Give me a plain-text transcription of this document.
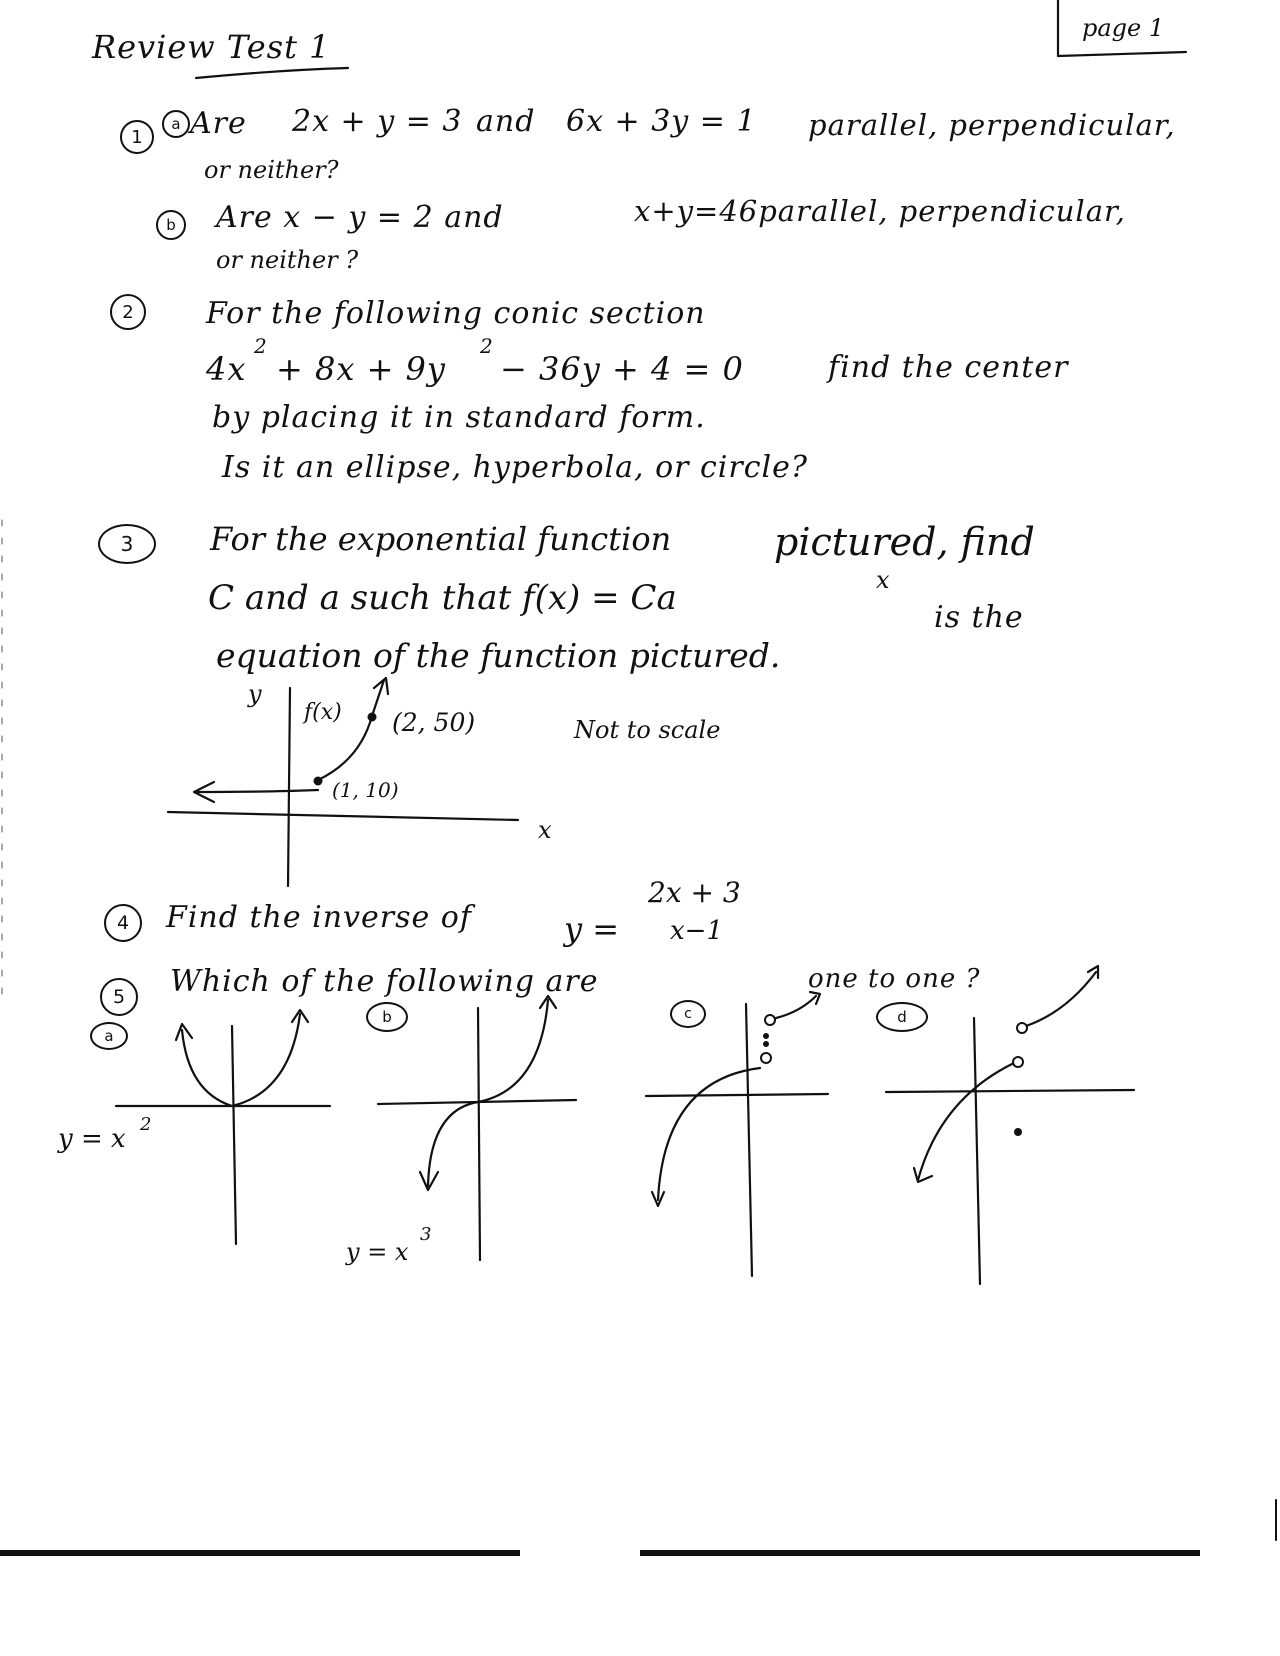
Review Test 1	page 1
1
a Are 2x + y = 3 and 6x + 3y = 1 parallel, perpendicular,
or neither?
b Are x − y = 2 and	x+y=46parallel, perpendicular,
or neither ?
2 For the following conic section
4x
2
+ 8x + 9y
2
− 36y + 4 = 0	find the center
by placing it in standard form.
Is it an ellipse, hyperbola, or circle?
3 For the exponential function	pictured, find
C and a such that f(x) = Ca	x
is the
equation of the function pictured.
y
f(x) (2, 50)	Not to scale
(1, 10)
x
4 Find the inverse of	y =
2x + 3
x−1
5 Which of the following are	one to one ?
a
b	c	d
y = x 2
y = x
3
